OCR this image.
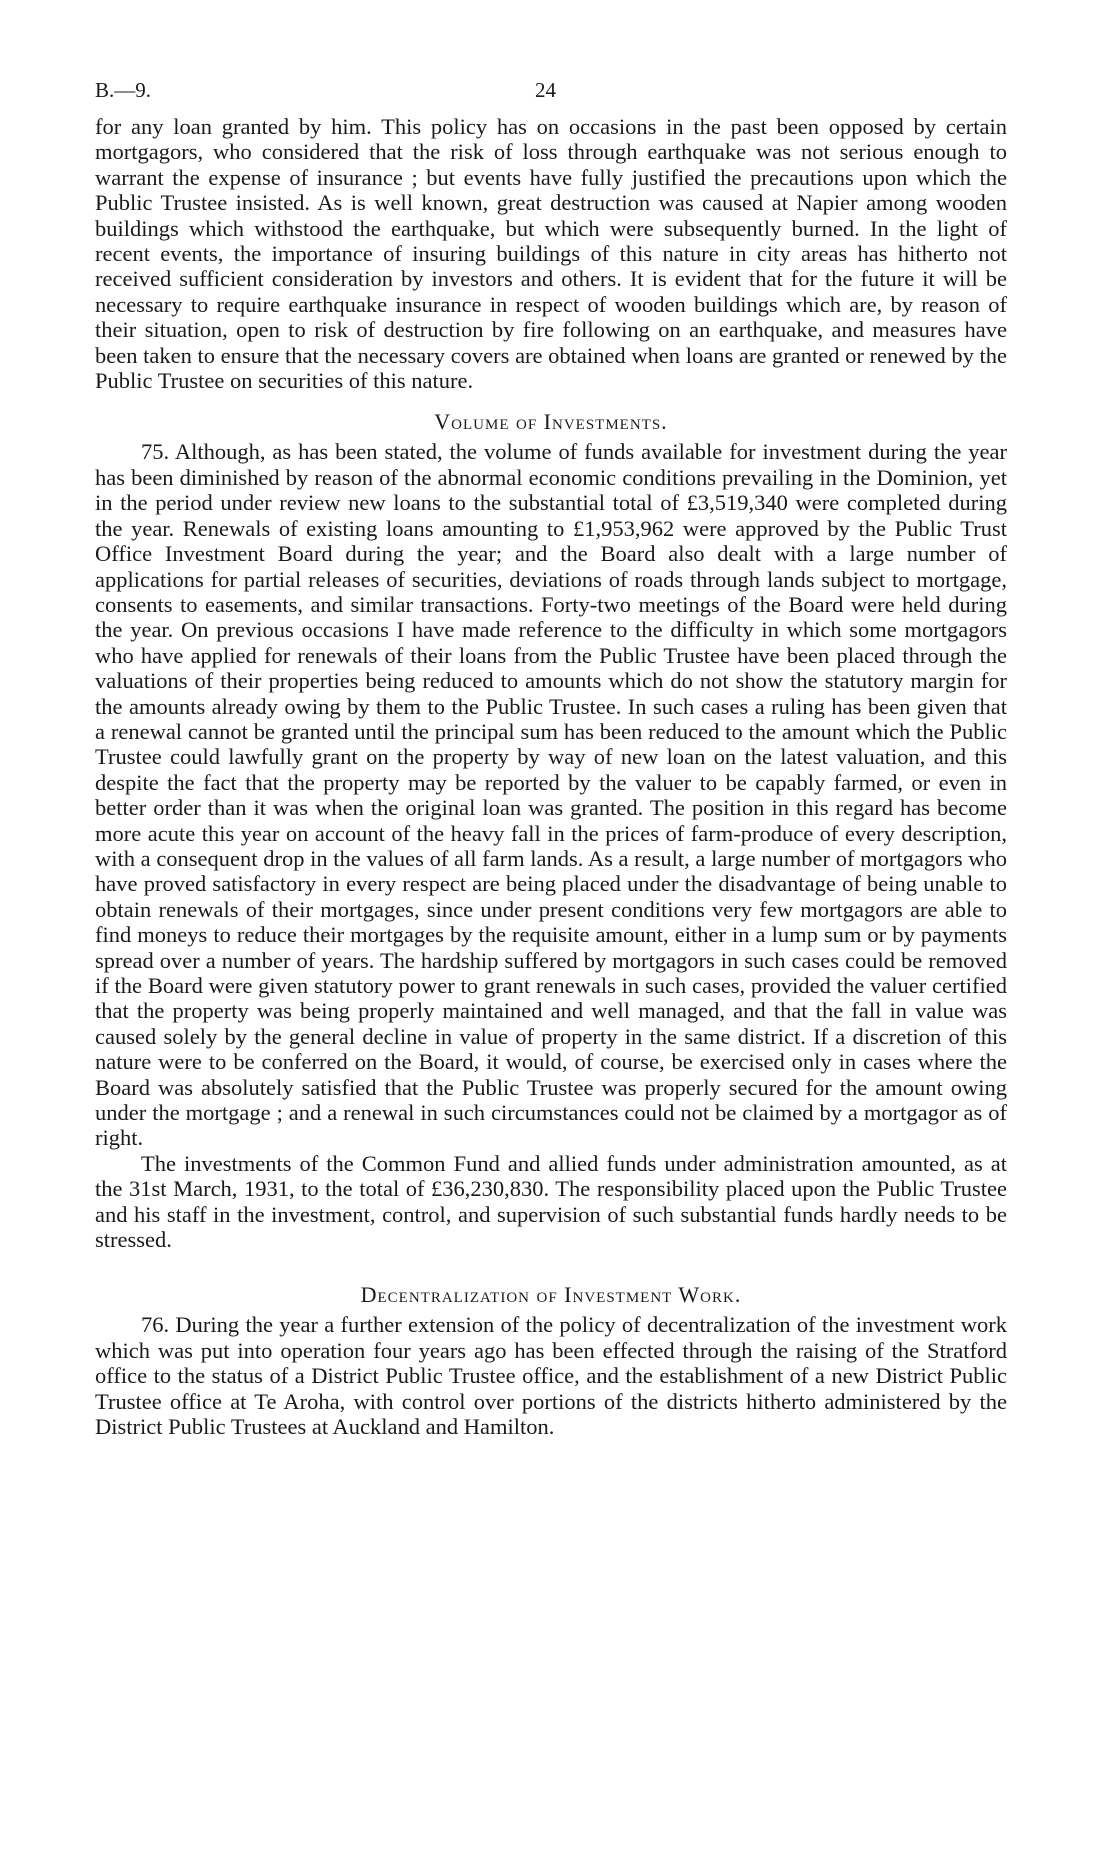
B.—9.	24

for any loan granted by him. This policy has on occasions in the past been opposed by certain mortgagors, who considered that the risk of loss through earthquake was not serious enough to warrant the expense of insurance ; but events have fully justified the precautions upon which the Public Trustee insisted. As is well known, great destruction was caused at Napier among wooden buildings which withstood the earthquake, but which were subsequently burned. In the light of recent events, the importance of insuring buildings of this nature in city areas has hitherto not received sufficient consideration by investors and others. It is evident that for the future it will be necessary to require earthquake insurance in respect of wooden buildings which are, by reason of their situation, open to risk of destruction by fire following on an earthquake, and measures have been taken to ensure that the necessary covers are obtained when loans are granted or renewed by the Public Trustee on securities of this nature.

Volume of Investments.

75. Although, as has been stated, the volume of funds available for investment during the year has been diminished by reason of the abnormal economic conditions prevailing in the Dominion, yet in the period under review new loans to the substantial total of £3,519,340 were completed during the year. Renewals of existing loans amounting to £1,953,962 were approved by the Public Trust Office Investment Board during the year; and the Board also dealt with a large number of applications for partial releases of securities, deviations of roads through lands subject to mortgage, consents to easements, and similar transactions. Forty-two meetings of the Board were held during the year. On previous occasions I have made reference to the difficulty in which some mortgagors who have applied for renewals of their loans from the Public Trustee have been placed through the valuations of their properties being reduced to amounts which do not show the statutory margin for the amounts already owing by them to the Public Trustee. In such cases a ruling has been given that a renewal cannot be granted until the principal sum has been reduced to the amount which the Public Trustee could lawfully grant on the property by way of new loan on the latest valuation, and this despite the fact that the property may be reported by the valuer to be capably farmed, or even in better order than it was when the original loan was granted. The position in this regard has become more acute this year on account of the heavy fall in the prices of farm-produce of every description, with a consequent drop in the values of all farm lands. As a result, a large number of mortgagors who have proved satisfactory in every respect are being placed under the disadvantage of being unable to obtain renewals of their mortgages, since under present conditions very few mortgagors are able to find moneys to reduce their mortgages by the requisite amount, either in a lump sum or by payments spread over a number of years. The hardship suffered by mortgagors in such cases could be removed if the Board were given statutory power to grant renewals in such cases, provided the valuer certified that the property was being properly maintained and well managed, and that the fall in value was caused solely by the general decline in value of property in the same district. If a discretion of this nature were to be conferred on the Board, it would, of course, be exercised only in cases where the Board was absolutely satisfied that the Public Trustee was properly secured for the amount owing under the mortgage ; and a renewal in such circumstances could not be claimed by a mortgagor as of right.

The investments of the Common Fund and allied funds under administration amounted, as at the 31st March, 1931, to the total of £36,230,830. The responsibility placed upon the Public Trustee and his staff in the investment, control, and supervision of such substantial funds hardly needs to be stressed.

Decentralization of Investment Work.

76. During the year a further extension of the policy of decentralization of the investment work which was put into operation four years ago has been effected through the raising of the Stratford office to the status of a District Public Trustee office, and the establishment of a new District Public Trustee office at Te Aroha, with control over portions of the districts hitherto administered by the District Public Trustees at Auckland and Hamilton.
